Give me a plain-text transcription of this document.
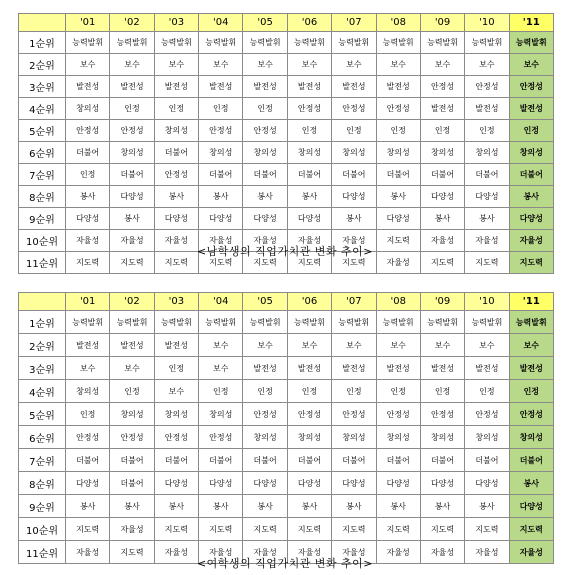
	'01	'02	'03	'04	'05	'06	'07	'08	'09	'10	'11
1순위	능력발휘	능력발휘	능력발휘	능력발휘	능력발휘	능력발휘	능력발휘	능력발휘	능력발휘	능력발휘	능력발휘
2순위	보수	보수	보수	보수	보수	보수	보수	보수	보수	보수	보수
3순위	발전성	발전성	발전성	발전성	발전성	발전성	발전성	발전성	안정성	안정성	안정성
4순위	창의성	인정	인정	인정	인정	안정성	안정성	안정성	발전성	발전성	발전성
5순위	안정성	안정성	창의성	안정성	안정성	인정	인정	인정	인정	인정	인정
6순위	더불어	창의성	더불어	창의성	창의성	창의성	창의성	창의성	창의성	창의성	창의성
7순위	인정	더불어	안정성	더불어	더불어	더불어	더불어	더불어	더불어	더불어	더불어
8순위	봉사	다양성	봉사	봉사	봉사	봉사	다양성	봉사	다양성	다양성	봉사
9순위	다양성	봉사	다양성	다양성	다양성	다양성	봉사	다양성	봉사	봉사	다양성
10순위	자율성	자율성	자율성	자율성	자율성	자율성	자율성	지도력	자율성	자율성	자율성
11순위	지도력	지도력	지도력	지도력	지도력	지도력	지도력	자율성	지도력	지도력	지도력
<남학생의 직업가치관 변화 추이>
	'01	'02	'03	'04	'05	'06	'07	'08	'09	'10	'11
1순위	능력발휘	능력발휘	능력발휘	능력발휘	능력발휘	능력발휘	능력발휘	능력발휘	능력발휘	능력발휘	능력발휘
2순위	발전성	발전성	발전성	보수	보수	보수	보수	보수	보수	보수	보수
3순위	보수	보수	인정	보수	발전성	발전성	발전성	발전성	발전성	발전성	발전성
4순위	창의성	인정	보수	인정	인정	인정	인정	인정	인정	인정	인정
5순위	인정	창의성	창의성	창의성	안정성	안정성	안정성	안정성	안정성	안정성	안정성
6순위	안정성	안정성	안정성	안정성	창의성	창의성	창의성	창의성	창의성	창의성	창의성
7순위	더불어	더불어	더불어	더불어	더불어	더불어	더불어	더불어	더불어	더불어	더불어
8순위	다양성	더불어	다양성	다양성	다양성	다양성	다양성	다양성	다양성	다양성	봉사
9순위	봉사	봉사	봉사	봉사	봉사	봉사	봉사	봉사	봉사	봉사	다양성
10순위	지도력	자율성	지도력	지도력	지도력	지도력	지도력	지도력	지도력	지도력	지도력
11순위	자율성	지도력	자율성	자율성	자율성	자율성	자율성	자율성	자율성	자율성	자율성
<여학생의 직업가치관 변화 추이>
